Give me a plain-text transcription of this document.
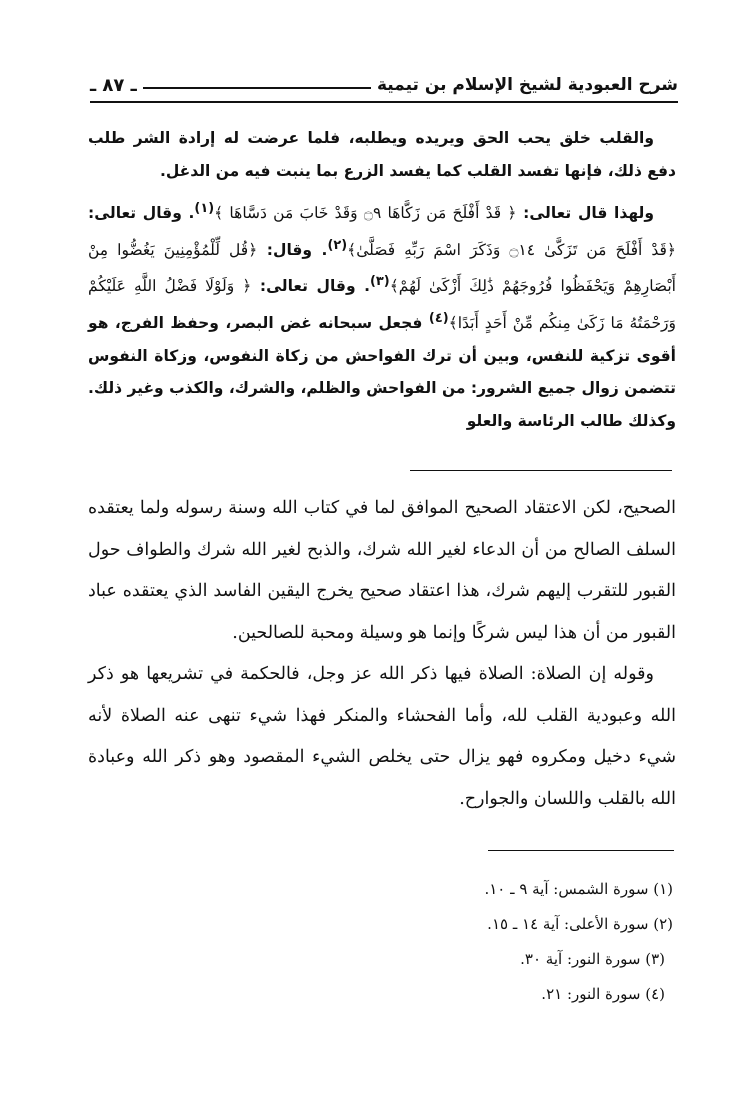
شرح العبودية لشيخ الإسلام بن تيمية
ـ ٨٧ ـ

والقلب خلق يحب الحق ويريده ويطلبه، فلما عرضت له إرادة الشر طلب دفع ذلك، فإنها تفسد القلب كما يفسد الزرع بما ينبت فيه من الدغل.

ولهذا قال تعالى: ﴿ قَدْ أَفْلَحَ مَن زَكَّاهَا ۝٩ وَقَدْ خَابَ مَن دَسَّاهَا ﴾$^{(١)}$. وقال تعالى: ﴿قَدْ أَفْلَحَ مَن تَزَكَّىٰ ۝١٤ وَذَكَرَ اسْمَ رَبِّهِ فَصَلَّىٰ﴾$^{(٢)}$. وقال: ﴿قُل لِّلْمُؤْمِنِينَ يَغُضُّوا مِنْ أَبْصَارِهِمْ وَيَحْفَظُوا فُرُوجَهُمْ ذَٰلِكَ أَزْكَىٰ لَهُمْ﴾$^{(٣)}$. وقال تعالى: ﴿ وَلَوْلَا فَضْلُ اللَّهِ عَلَيْكُمْ وَرَحْمَتُهُ مَا زَكَىٰ مِنكُم مِّنْ أَحَدٍ أَبَدًا﴾$^{(٤)}$ فجعل سبحانه غض البصر، وحفظ الفرج، هو أقوى تزكية للنفس، وبين أن ترك الفواحش من زكاة النفوس، وزكاة النفوس تتضمن زوال جميع الشرور: من الفواحش والظلم، والشرك، والكذب وغير ذلك. وكذلك طالب الرئاسة والعلو

الصحيح، لكن الاعتقاد الصحيح الموافق لما في كتاب الله وسنة رسوله ولما يعتقده السلف الصالح من أن الدعاء لغير الله شرك، والذبح لغير الله شرك والطواف حول القبور للتقرب إليهم شرك، هذا اعتقاد صحيح يخرج اليقين الفاسد الذي يعتقده عباد القبور من أن هذا ليس شركًا وإنما هو وسيلة ومحبة للصالحين.

وقوله إن الصلاة: الصلاة فيها ذكر الله عز وجل، فالحكمة في تشريعها هو ذكر الله وعبودية القلب لله، وأما الفحشاء والمنكر فهذا شيء تنهى عنه الصلاة لأنه شيء دخيل ومكروه فهو يزال حتى يخلص الشيء المقصود وهو ذكر الله وعبادة الله بالقلب واللسان والجوارح.

(١) سورة الشمس: آية ٩ ـ ١٠.
(٢) سورة الأعلى: آية ١٤ ـ ١٥.
(٣) سورة النور: آية ٣٠.
(٤) سورة النور: ٢١.
